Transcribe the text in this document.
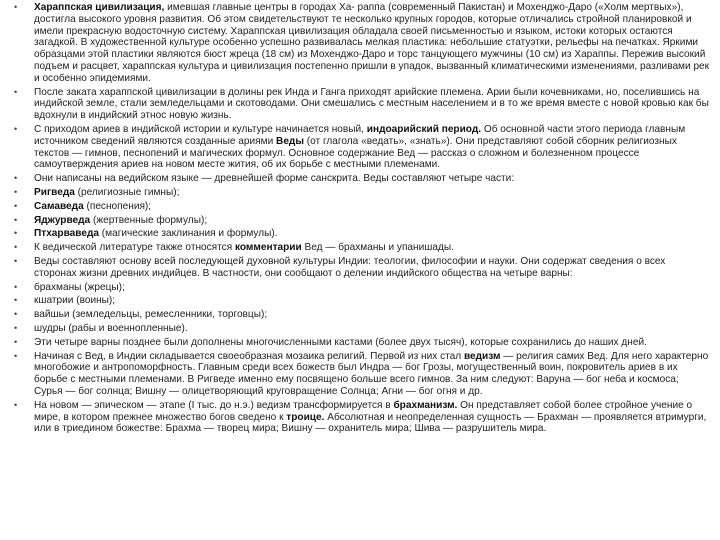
• Хараппская цивилизация, имевшая главные центры в городах Ха- раппа (современный Пакистан) и Мохенджо-Даро («Холм мертвых»), достигла высокого уровня развития. Об этом свидетельствуют те несколько крупных городов, которые отличались стройной планировкой и имели прекрасную водосточную систему. Хараппская цивилизация обладала своей письменностью и языком, истоки которых остаются загадкой. В художественной культуре особенно успешно развивалась мелкая пластика: небольшие статуэтки, рельефы на печатках. Яркими образцами этой пластики являются бюст жреца (18 см) из Мохенджо-Даро и торс танцующего мужчины (10 см) из Хараппы. Пережив высокий подъем и расцвет, хараппская культура и цивилизация постепенно пришли в упадок, вызванный климатическими изменениями, разливами рек и особенно эпидемиями.
• После заката хараппской цивилизации в долины рек Инда и Ганга приходят арийские племена. Арии были кочевниками, но, поселившись на индийской земле, стали земледельцами и скотоводами. Они смешались с местным населением и в то же время вместе с новой кровью как бы вдохнули в индийский этнос новую жизнь.
• С приходом ариев в индийской истории и культуре начинается новый, индоарийский период. Об основной части этого периода главным источником сведений являются созданные ариями Веды (от глагола «ведать», «знать»). Они представляют собой сборник религиозных текстов — гимнов, песнопений и магических формул. Основное содержание Вед — рассказ о сложном и болезненном процессе самоутверждения ариев на новом месте жития, об их борьбе с местными племенами.
• Они написаны на ведийском языке — древнейшей форме санскрита. Веды составляют четыре части:
• Ригведа (религиозные гимны);
• Самаведа (песнопения);
• Яджурведа (жертвенные формулы);
• Птхарваведа (магические заклинания и формулы).
• К ведической литературе также относятся комментарии Вед — брахманы и упанишады.
• Веды составляют основу всей последующей духовной культуры Индии: теологии, философии и науки. Они содержат сведения о всех сторонах жизни древних индийцев. В частности, они сообщают о делении индийского общества на четыре варны:
• брахманы (жрецы);
• кшатрии (воины);
• вайшьи (земледельцы, ремесленники, торговцы);
• шудры (рабы и военнопленные).
• Эти четыре варны позднее были дополнены многочисленными кастами (более двух тысяч), которые сохранились до наших дней.
• Начиная с Вед, в Индии складывается своеобразная мозаика религий. Первой из них стал ведизм — религия самих Вед. Для него характерно многобожие и антропоморфность. Главным среди всех божеств был Индра — бог Грозы, могущественный воин, покровитель ариев в их борьбе с местными племенами. В Ригведе именно ему посвящено больше всего гимнов. За ним следуют: Варуна — бог неба и космоса; Сурья — бог солнца; Вишну — олицетворяющий круговращение Солнца; Агни — бог огня и др.
• На новом — эпическом — этапе (I тыс. до н.э.) ведизм трансформируется в брахманизм. Он представляет собой более стройное учение о мире, в котором прежнее множество богов сведено к троице. Абсолютная и неопределенная сущность — Брахман — проявляется втримурги, или в триедином божестве: Брахма — творец мира; Вишну — охранитель мира; Шива — разрушитель мира.
